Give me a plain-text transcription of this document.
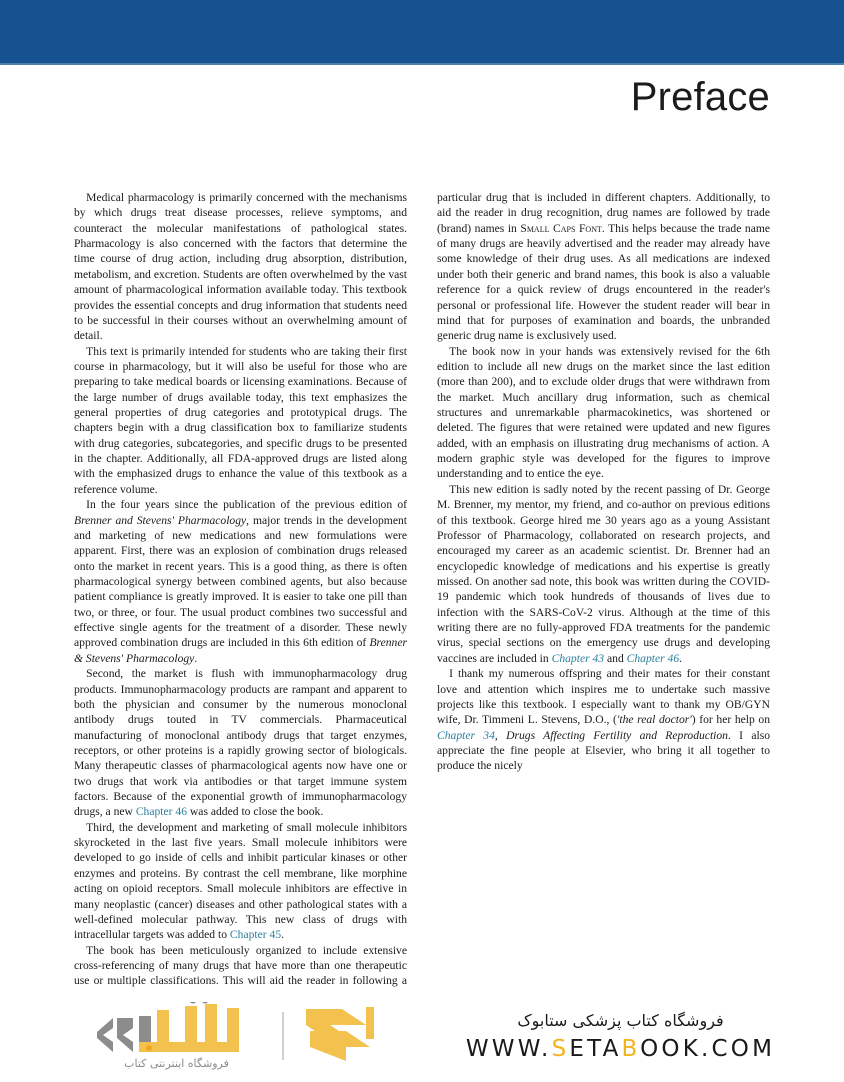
Preface

Medical pharmacology is primarily concerned with the mechanisms by which drugs treat disease processes, relieve symptoms, and counteract the molecular manifestations of pathological states. Pharmacology is also concerned with the factors that determine the time course of drug action, including drug absorption, distribution, metabolism, and excretion. Students are often overwhelmed by the vast amount of pharmacological information available today. This textbook provides the essential concepts and drug information that students need to be successful in their courses without an overwhelming amount of detail.

This text is primarily intended for students who are taking their first course in pharmacology, but it will also be useful for those who are preparing to take medical boards or licensing examinations. Because of the large number of drugs available today, this text emphasizes the general properties of drug categories and prototypical drugs. The chapters begin with a drug classification box to familiarize students with drug categories, subcategories, and specific drugs to be presented in the chapter. Additionally, all FDA-approved drugs are listed along with the emphasized drugs to enhance the value of this textbook as a reference volume.

In the four years since the publication of the previous edition of Brenner and Stevens' Pharmacology, major trends in the development and marketing of new medications and new formulations were apparent. First, there was an explosion of combination drugs released onto the market in recent years. This is a good thing, as there is often pharmacological synergy between combined agents, but also because patient compliance is greatly improved. It is easier to take one pill than two, or three, or four. The usual product combines two successful and effective single agents for the treatment of a disorder. These newly approved combination drugs are included in this 6th edition of Brenner & Stevens' Pharmacology.

Second, the market is flush with immunopharmacology drug products. Immunopharmacology products are rampant and apparent to both the physician and consumer by the numerous monoclonal antibody drugs touted in TV commercials. Pharmaceutical manufacturing of monoclonal antibody drugs that target enzymes, receptors, or other proteins is a rapidly growing sector of biologicals. Many therapeutic classes of pharmacological agents now have one or two drugs that work via antibodies or that target immune system factors. Because of the exponential growth of immunopharmacology drugs, a new Chapter 46 was added to close the book.

Third, the development and marketing of small molecule inhibitors skyrocketed in the last five years. Small molecule inhibitors were developed to go inside of cells and inhibit particular kinases or other enzymes and proteins. By contrast the cell membrane, like morphine acting on opioid receptors. Small molecule inhibitors are effective in many neoplastic (cancer) diseases and other pathological states with a well-defined molecular pathway. This new class of drugs with intracellular targets was added to Chapter 45.

The book has been meticulously organized to include extensive cross-referencing of many drugs that have more than one therapeutic use or multiple classifications. This will aid the reader in following a particular drug that is included in different chapters. Additionally, to aid the reader in drug recognition, drug names are followed by trade (brand) names in Small Caps Font. This helps because the trade name of many drugs are heavily advertised and the reader may already have some knowledge of their drug uses. As all medications are indexed under both their generic and brand names, this book is also a valuable reference for a quick review of drugs encountered in the reader's personal or professional life. However the student reader will bear in mind that for purposes of examination and boards, the unbranded generic drug name is exclusively used.

The book now in your hands was extensively revised for the 6th edition to include all new drugs on the market since the last edition (more than 200), and to exclude older drugs that were withdrawn from the market. Much ancillary drug information, such as chemical structures and unremarkable pharmacokinetics, was shortened or deleted. The figures that were retained were updated and new figures added, with an emphasis on illustrating drug mechanisms of action. A modern graphic style was developed for the figures to improve understanding and to entice the eye.

This new edition is sadly noted by the recent passing of Dr. George M. Brenner, my mentor, my friend, and co-author on previous editions of this textbook. George hired me 30 years ago as a young Assistant Professor of Pharmacology, collaborated on research projects, and encouraged my career as an academic scientist. Dr. Brenner had an encyclopedic knowledge of medications and his expertise is greatly missed. On another sad note, this book was written during the COVID-19 pandemic which took hundreds of thousands of lives due to infection with the SARS-CoV-2 virus. Although at the time of this writing there are no fully-approved FDA treatments for the pandemic virus, special sections on the emergency use drugs and developing vaccines are included in Chapter 43 and Chapter 46.

I thank my numerous offspring and their mates for their constant love and attention which inspires me to undertake such massive projects like this textbook. I especially want to thank my OB/GYN wife, Dr. Timmeni L. Stevens, D.O., ('the real doctor') for her help on Chapter 34, Drugs Affecting Fertility and Reproduction. I also appreciate the fine people at Elsevier, who bring it all together to produce the nicely

فروشگاه اینترنتی کتاب
فروشگاه کتاب پزشکی ستابوک
WWW.SETABOOK.COM
